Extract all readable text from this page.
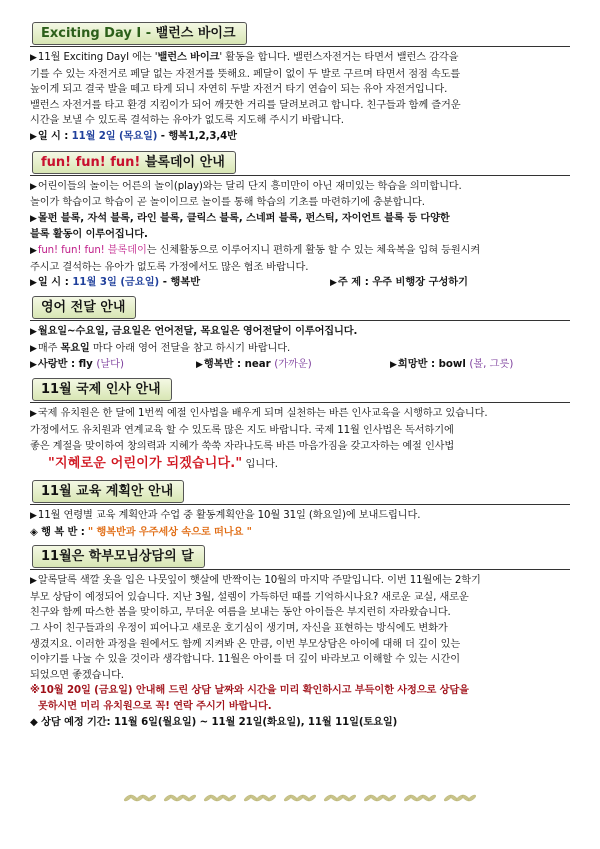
Exciting Day Ⅰ - 밸런스 바이크

▶11월 Exciting DayⅠ 에는 '밸런스 바이크' 활동을 합니다. 밸런스자전거는 타면서 밸런스 감각을

기를 수 있는 자전거로 페달 없는 자전거를 뜻해요. 페달이 없이 두 발로 구르며 타면서 점점 속도를

높이게 되고 결국 발을 떼고 타게 되니 자연히 두발 자전거 타기 연습이 되는 유아 자전거입니다.

밸런스 자전거를 타고 환경 지킴이가 되어 깨끗한 거리를 달려보려고 합니다. 친구들과 함께 즐거운

시간을 보낼 수 있도록 결석하는 유아가 없도록 지도해 주시기 바랍니다.

▶일 시 : 11월 2일 (목요일) - 행복1,2,3,4반

fun! fun! fun! 블록데이 안내

▶어린이들의 놀이는 어른의 놀이(play)와는 달리 단지 흥미만이 아닌 재미있는 학습을 의미합니다.

놀이가 학습이고 학습이 곧 놀이이므로 놀이를 통해 학습의 기초를 마련하기에 충분합니다.

▶몰펀 블록, 자석 블록, 라인 블록, 클릭스 블록, 스네퍼 블록, 펀스틱, 자이언트 블록 등 다양한

블록 활동이 이루어집니다.

▶fun! fun! fun! 블록데이는 신체활동으로 이루어지니 편하게 활동 할 수 있는 체육복을 입혀 등원시켜

주시고 결석하는 유아가 없도록 가정에서도 많은 협조 바랍니다.

▶일 시 : 11월 3일 (금요일) - 행복반	▶주 제 : 우주 비행장 구성하기
영어 전달 안내

▶월요일~수요일, 금요일은 언어전달, 목요일은 영어전달이 이루어집니다.

▶매주 목요일 마다 아래 영어 전달을 참고 하시기 바랍니다.

▶사랑반 : fly (날다)	▶행복반 : near (가까운)	▶희망반 : bowl (볼, 그릇)
11월 국제 인사 안내

▶국제 유치원은 한 달에 1번씩 예절 인사법을 배우게 되며 실천하는 바른 인사교육을 시행하고 있습니다.

가정에서도 유치원과 연계교육 할 수 있도록 많은 지도 바랍니다. 국제 11월 인사법은 독서하기에

좋은 계절을 맞이하여 창의력과 지혜가 쑥쑥 자라나도록 바른 마음가짐을 갖고자하는 예절 인사법

"지혜로운 어린이가 되겠습니다." 입니다.

11월 교육 계획안 안내

▶11월 연령별 교육 계획안과 수업 중 활동계획안을 10월 31일 (화요일)에 보내드립니다.

◈ 행 복 반 : " 행복반과 우주세상 속으로 떠나요 "

11월은 학부모님상담의 달

▶알록달록 색깔 옷을 입은 나뭇잎이 햇살에 반짝이는 10월의 마지막 주말입니다. 이번 11월에는 2학기

부모 상담이 예정되어 있습니다. 지난 3월, 설렘이 가득하던 때를 기억하시나요? 새로운 교실, 새로운

친구와 함께 따스한 봄을 맞이하고, 무더운 여름을 보내는 동안 아이들은 부지런히 자라왔습니다.

그 사이 친구들과의 우정이 피어나고 새로운 호기심이 생기며, 자신을 표현하는 방식에도 변화가

생겼지요. 이러한 과정을 원에서도 함께 지켜봐 온 만큼, 이번 부모상담은 아이에 대해 더 깊이 있는

이야기를 나눌 수 있을 것이라 생각합니다. 11월은 아이를 더 깊이 바라보고 이해할 수 있는 시간이

되었으면 좋겠습니다.

※10월 20일 (금요일) 안내해 드린 상담 날짜와 시간을 미리 확인하시고 부득이한 사정으로 상담을

못하시면 미리 유치원으로 꼭! 연락 주시기 바랍니다.

◆ 상담 예정 기간: 11월 6일(월요일) ~ 11월 21일(화요일), 11월 11일(토요일)
